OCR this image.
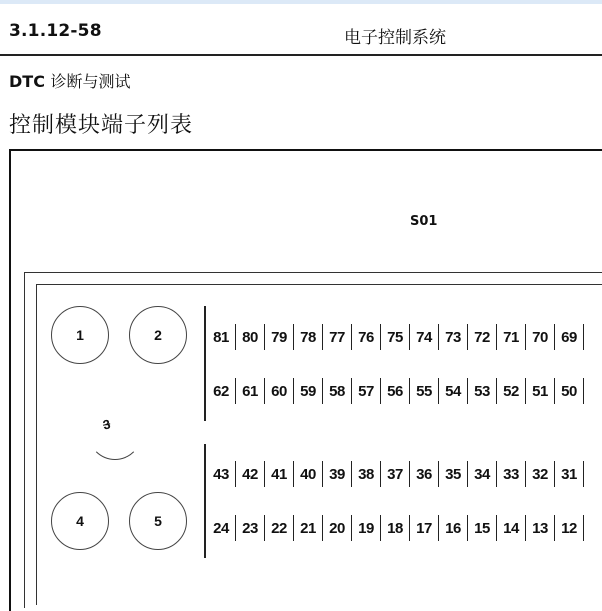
3.1.12-58	电子控制系统
DTC 诊断与测试
控制模块端子列表
S01
1	2
3
4	5
81 80 79 78 77 76 75 74 73 72 71 70 69
62 61 60 59 58 57 56 55 54 53 52 51 50
43 42 41 40 39 38 37 36 35 34 33 32 31
24 23 22 21 20 19 18 17 16 15 14 13 12
